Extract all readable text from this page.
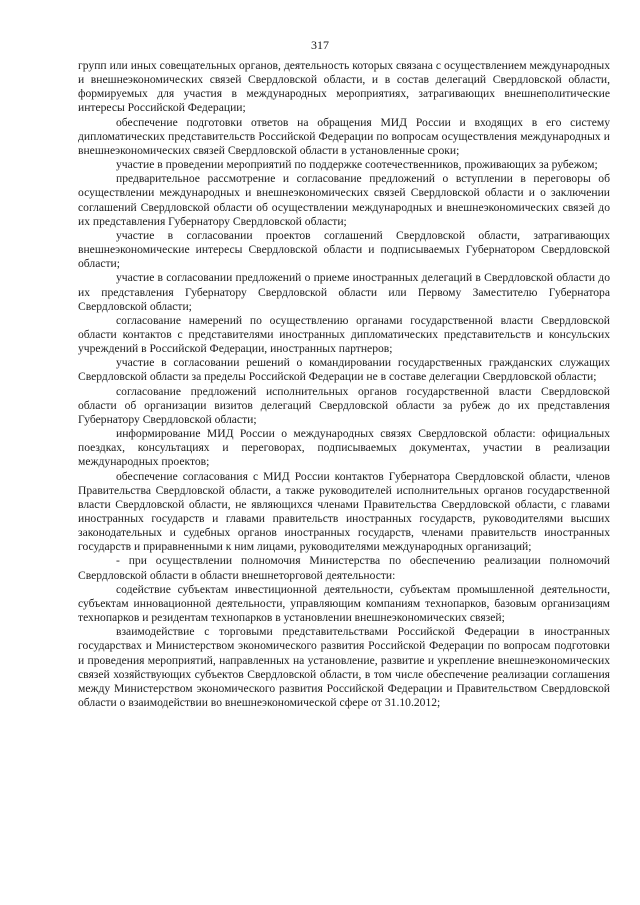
317

групп или иных совещательных органов, деятельность которых связана с осуществлением международных и внешнеэкономических связей Свердловской области, и в состав делегаций Свердловской области, формируемых для участия в международных мероприятиях, затрагивающих внешнеполитические интересы Российской Федерации;

обеспечение подготовки ответов на обращения МИД России и входящих в его систему дипломатических представительств Российской Федерации по вопросам осуществления международных и внешнеэкономических связей Свердловской области в установленные сроки;

участие в проведении мероприятий по поддержке соотечественников, проживающих за рубежом;

предварительное рассмотрение и согласование предложений о вступлении в переговоры об осуществлении международных и внешнеэкономических связей Свердловской области и о заключении соглашений Свердловской области об осуществлении международных и внешнеэкономических связей до их представления Губернатору Свердловской области;

участие в согласовании проектов соглашений Свердловской области, затрагивающих внешнеэкономические интересы Свердловской области и подписываемых Губернатором Свердловской области;

участие в согласовании предложений о приеме иностранных делегаций в Свердловской области до их представления Губернатору Свердловской области или Первому Заместителю Губернатора Свердловской области;

согласование намерений по осуществлению органами государственной власти Свердловской области контактов с представителями иностранных дипломатических представительств и консульских учреждений в Российской Федерации, иностранных партнеров;

участие в согласовании решений о командировании государственных гражданских служащих Свердловской области за пределы Российской Федерации не в составе делегации Свердловской области;

согласование предложений исполнительных органов государственной власти Свердловской области об организации визитов делегаций Свердловской области за рубеж до их представления Губернатору Свердловской области;

информирование МИД России о международных связях Свердловской области: официальных поездках, консультациях и переговорах, подписываемых документах, участии в реализации международных проектов;

обеспечение согласования с МИД России контактов Губернатора Свердловской области, членов Правительства Свердловской области, а также руководителей исполнительных органов государственной власти Свердловской области, не являющихся членами Правительства Свердловской области, с главами иностранных государств и главами правительств иностранных государств, руководителями высших законодательных и судебных органов иностранных государств, членами правительств иностранных государств и приравненными к ним лицами, руководителями международных организаций;

- при осуществлении полномочия Министерства по обеспечению реализации полномочий Свердловской области в области внешнеторговой деятельности:

содействие субъектам инвестиционной деятельности, субъектам промышленной деятельности, субъектам инновационной деятельности, управляющим компаниям технопарков, базовым организациям технопарков и резидентам технопарков в установлении внешнеэкономических связей;

взаимодействие с торговыми представительствами Российской Федерации в иностранных государствах и Министерством экономического развития Российской Федерации по вопросам подготовки и проведения мероприятий, направленных на установление, развитие и укрепление внешнеэкономических связей хозяйствующих субъектов Свердловской области, в том числе обеспечение реализации соглашения между Министерством экономического развития Российской Федерации и Правительством Свердловской области о взаимодействии во внешнеэкономической сфере от 31.10.2012;
